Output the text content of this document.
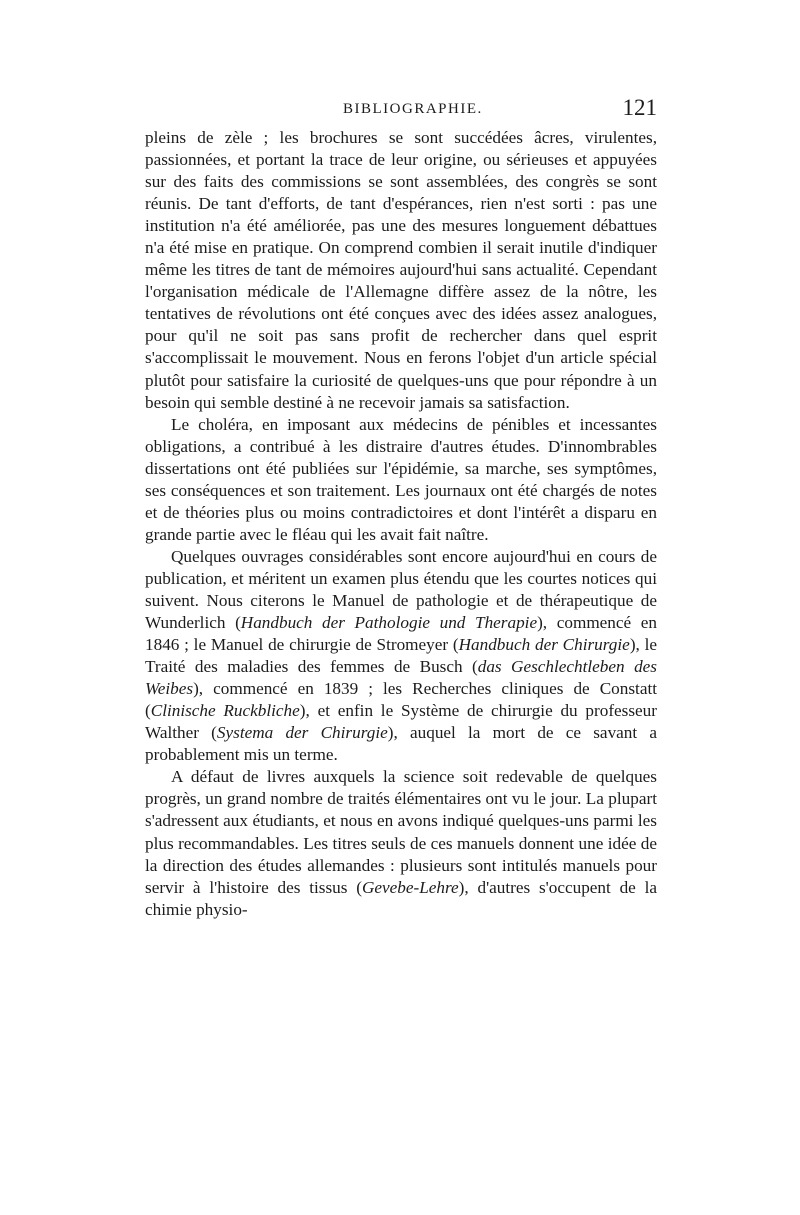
BIBLIOGRAPHIE.	121

pleins de zèle ; les brochures se sont succédées âcres, virulentes, passionnées, et portant la trace de leur origine, ou sérieuses et appuyées sur des faits des commissions se sont assemblées, des congrès se sont réunis. De tant d'efforts, de tant d'espérances, rien n'est sorti : pas une institution n'a été améliorée, pas une des mesures longuement débattues n'a été mise en pratique. On comprend combien il serait inutile d'indiquer même les titres de tant de mémoires aujourd'hui sans actualité. Cependant l'organisation médicale de l'Allemagne diffère assez de la nôtre, les tentatives de révolutions ont été conçues avec des idées assez analogues, pour qu'il ne soit pas sans profit de rechercher dans quel esprit s'accomplissait le mouvement. Nous en ferons l'objet d'un article spécial plutôt pour satisfaire la curiosité de quelques-uns que pour répondre à un besoin qui semble destiné à ne recevoir jamais sa satisfaction.

Le choléra, en imposant aux médecins de pénibles et incessantes obligations, a contribué à les distraire d'autres études. D'innombrables dissertations ont été publiées sur l'épidémie, sa marche, ses symptômes, ses conséquences et son traitement. Les journaux ont été chargés de notes et de théories plus ou moins contradictoires et dont l'intérêt a disparu en grande partie avec le fléau qui les avait fait naître.

Quelques ouvrages considérables sont encore aujourd'hui en cours de publication, et méritent un examen plus étendu que les courtes notices qui suivent. Nous citerons le Manuel de pathologie et de thérapeutique de Wunderlich (Handbuch der Pathologie und Therapie), commencé en 1846 ; le Manuel de chirurgie de Stromeyer (Handbuch der Chirurgie), le Traité des maladies des femmes de Busch (das Geschlechtleben des Weibes), commencé en 1839 ; les Recherches cliniques de Constatt (Clinische Ruckbliche), et enfin le Système de chirurgie du professeur Walther (Systema der Chirurgie), auquel la mort de ce savant a probablement mis un terme.

A défaut de livres auxquels la science soit redevable de quelques progrès, un grand nombre de traités élémentaires ont vu le jour. La plupart s'adressent aux étudiants, et nous en avons indiqué quelques-uns parmi les plus recommandables. Les titres seuls de ces manuels donnent une idée de la direction des études allemandes : plusieurs sont intitulés manuels pour servir à l'histoire des tissus (Gevebe-Lehre), d'autres s'occupent de la chimie physio-
